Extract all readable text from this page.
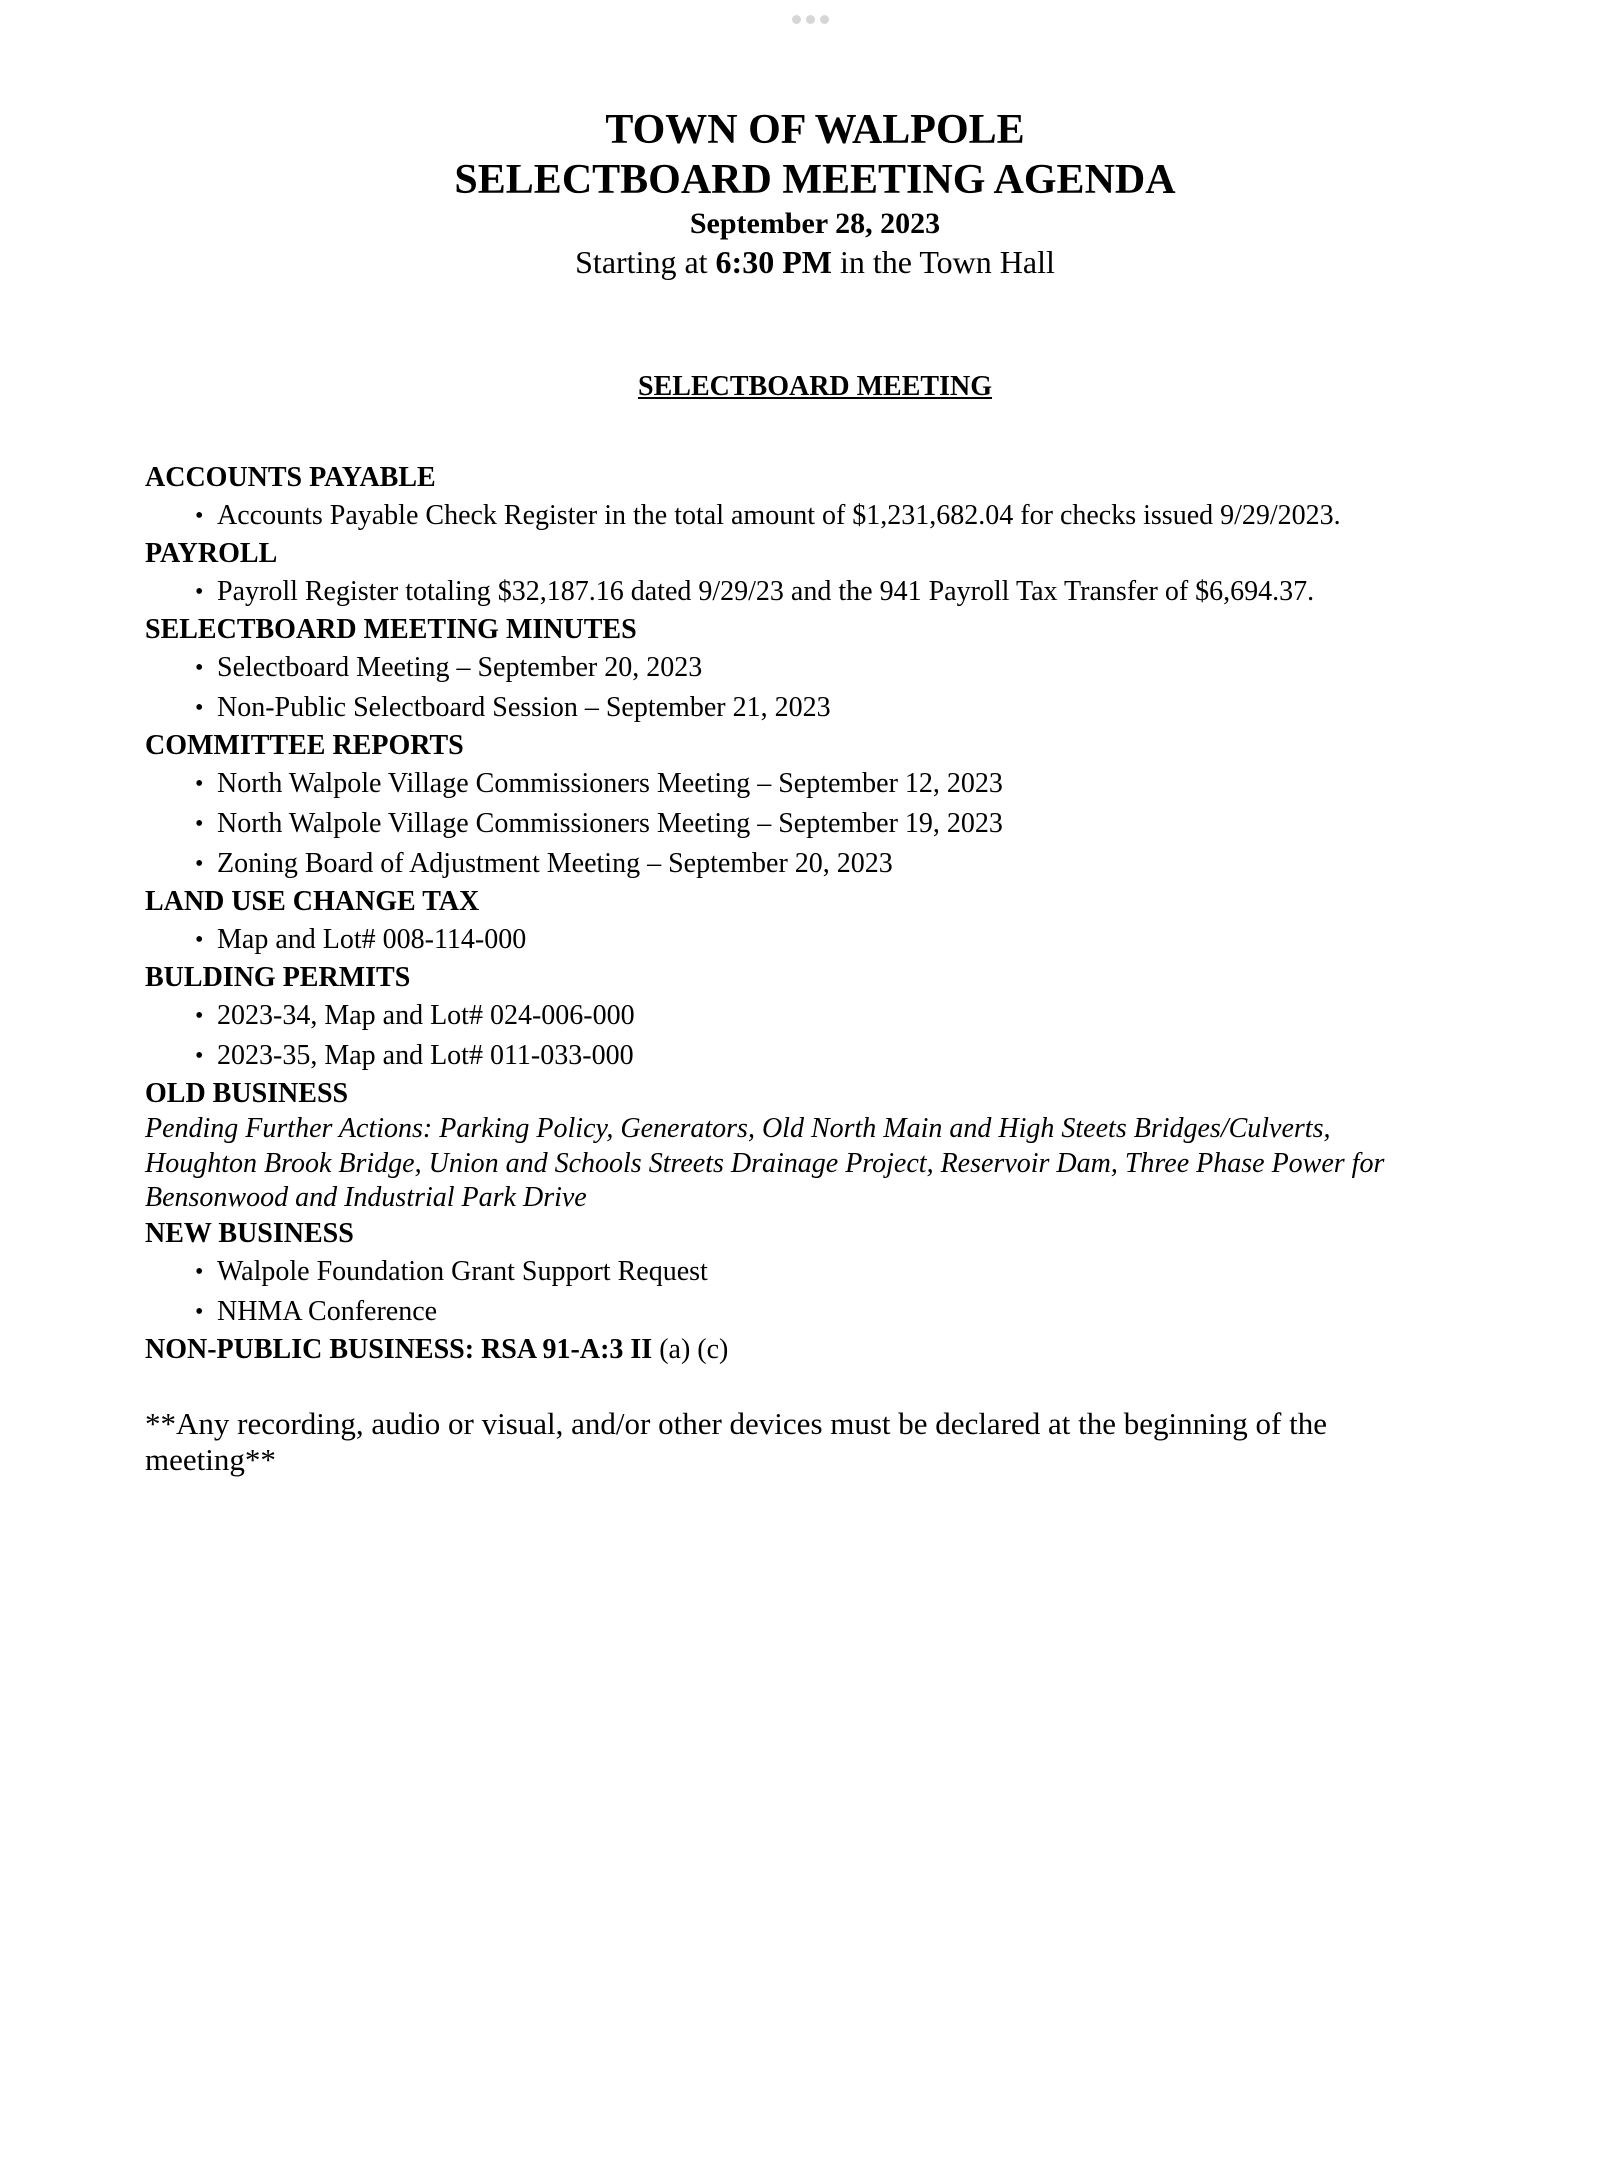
TOWN OF WALPOLE
SELECTBOARD MEETING AGENDA
September 28, 2023
Starting at 6:30 PM in the Town Hall
SELECTBOARD MEETING
ACCOUNTS PAYABLE
• Accounts Payable Check Register in the total amount of $1,231,682.04 for checks issued 9/29/2023.
PAYROLL
• Payroll Register totaling $32,187.16 dated 9/29/23 and the 941 Payroll Tax Transfer of $6,694.37.
SELECTBOARD MEETING MINUTES
• Selectboard Meeting – September 20, 2023
• Non-Public Selectboard Session – September 21, 2023
COMMITTEE REPORTS
• North Walpole Village Commissioners Meeting – September 12, 2023
• North Walpole Village Commissioners Meeting – September 19, 2023
• Zoning Board of Adjustment Meeting – September 20, 2023
LAND USE CHANGE TAX
• Map and Lot# 008-114-000
BULDING PERMITS
• 2023-34, Map and Lot# 024-006-000
• 2023-35, Map and Lot# 011-033-000
OLD BUSINESS
Pending Further Actions: Parking Policy, Generators, Old North Main and High Steets Bridges/Culverts,
Houghton Brook Bridge, Union and Schools Streets Drainage Project, Reservoir Dam, Three Phase Power for
Bensonwood and Industrial Park Drive
NEW BUSINESS
• Walpole Foundation Grant Support Request
• NHMA Conference
NON-PUBLIC BUSINESS: RSA 91-A:3 II (a) (c)
**Any recording, audio or visual, and/or other devices must be declared at the beginning of the
meeting**
